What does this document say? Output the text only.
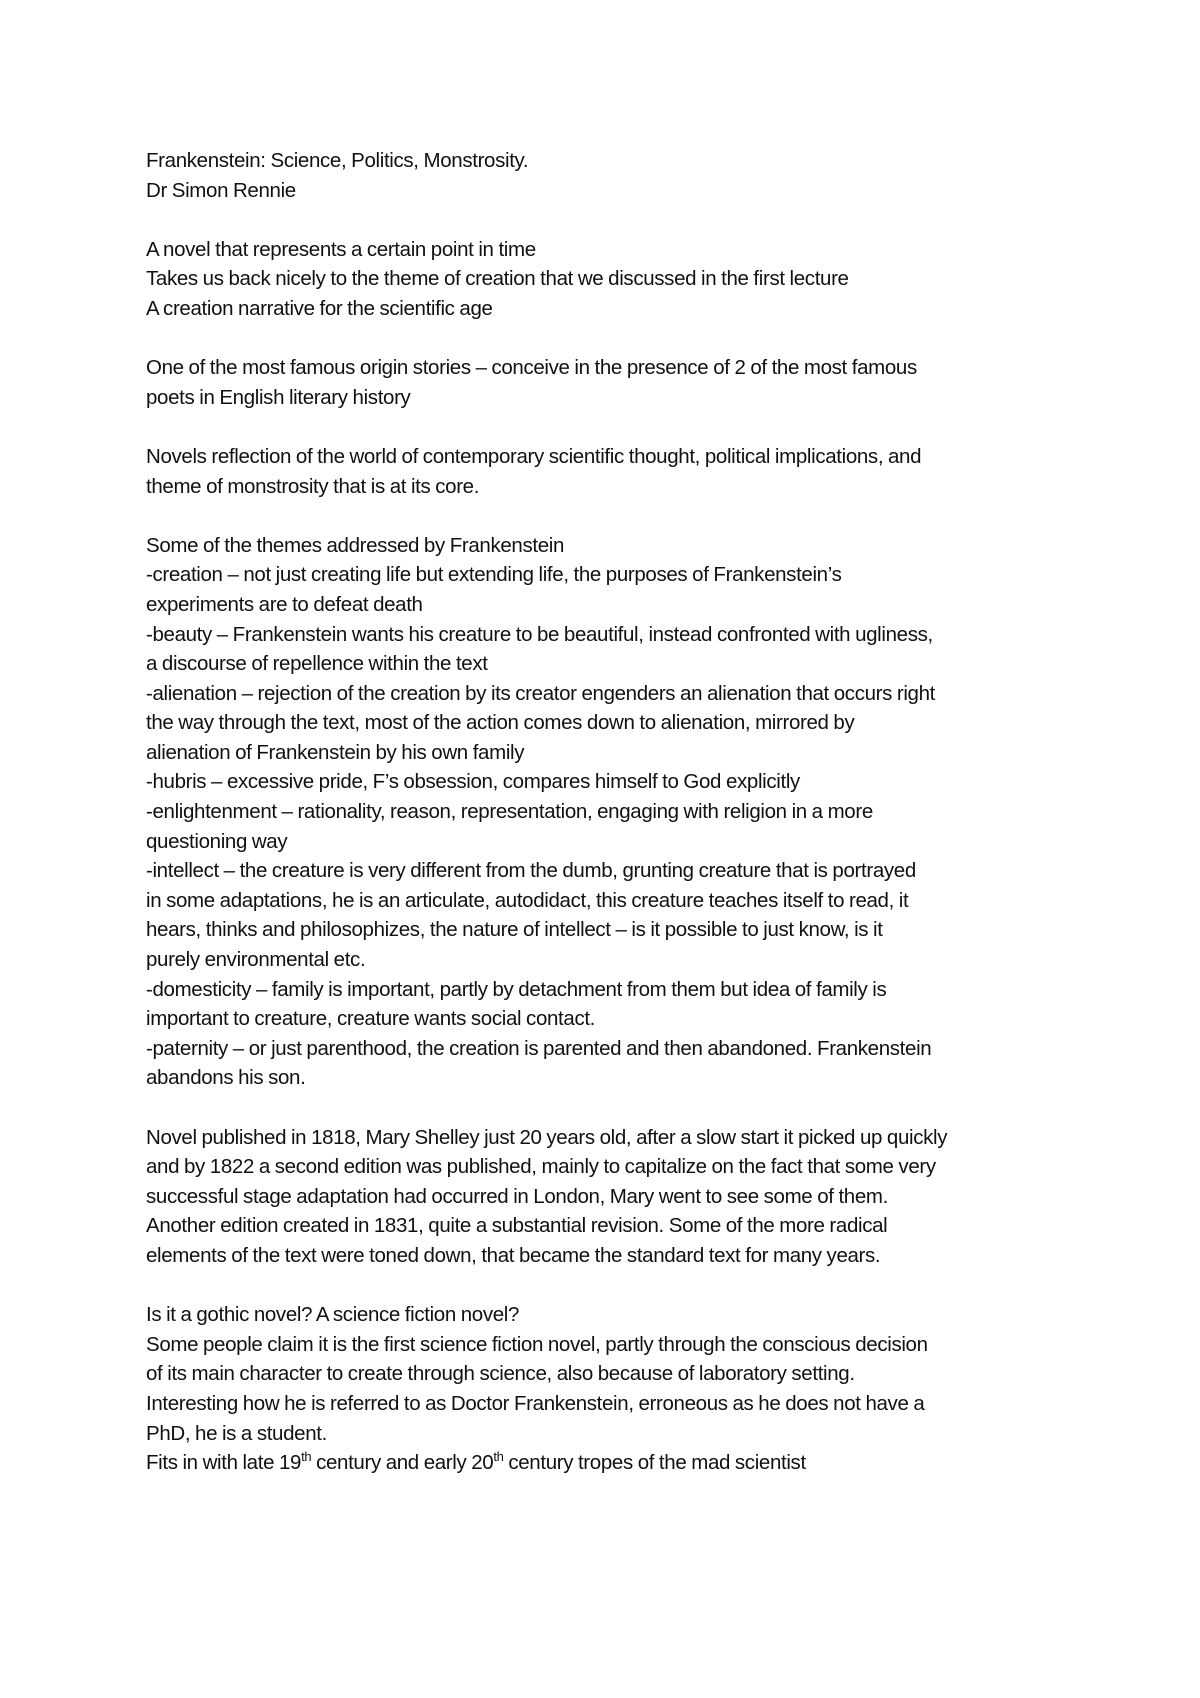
Frankenstein: Science, Politics, Monstrosity.
Dr Simon Rennie
A novel that represents a certain point in time
Takes us back nicely to the theme of creation that we discussed in the first lecture
A creation narrative for the scientific age
One of the most famous origin stories – conceive in the presence of 2 of the most famous
poets in English literary history
Novels reflection of the world of contemporary scientific thought, political implications, and
theme of monstrosity that is at its core.
Some of the themes addressed by Frankenstein
-creation – not just creating life but extending life, the purposes of Frankenstein’s
experiments are to defeat death
-beauty – Frankenstein wants his creature to be beautiful, instead confronted with ugliness,
a discourse of repellence within the text
-alienation – rejection of the creation by its creator engenders an alienation that occurs right
the way through the text, most of the action comes down to alienation, mirrored by
alienation of Frankenstein by his own family
-hubris – excessive pride, F’s obsession, compares himself to God explicitly
-enlightenment – rationality, reason, representation, engaging with religion in a more
questioning way
-intellect – the creature is very different from the dumb, grunting creature that is portrayed
in some adaptations, he is an articulate, autodidact, this creature teaches itself to read, it
hears, thinks and philosophizes, the nature of intellect – is it possible to just know, is it
purely environmental etc.
-domesticity – family is important, partly by detachment from them but idea of family is
important to creature, creature wants social contact.
-paternity – or just parenthood, the creation is parented and then abandoned. Frankenstein
abandons his son.
Novel published in 1818, Mary Shelley just 20 years old, after a slow start it picked up quickly
and by 1822 a second edition was published, mainly to capitalize on the fact that some very
successful stage adaptation had occurred in London, Mary went to see some of them.
Another edition created in 1831, quite a substantial revision. Some of the more radical
elements of the text were toned down, that became the standard text for many years.
Is it a gothic novel? A science fiction novel?
Some people claim it is the first science fiction novel, partly through the conscious decision
of its main character to create through science, also because of laboratory setting.
Interesting how he is referred to as Doctor Frankenstein, erroneous as he does not have a
PhD, he is a student.
Fits in with late 19th century and early 20th century tropes of the mad scientist
